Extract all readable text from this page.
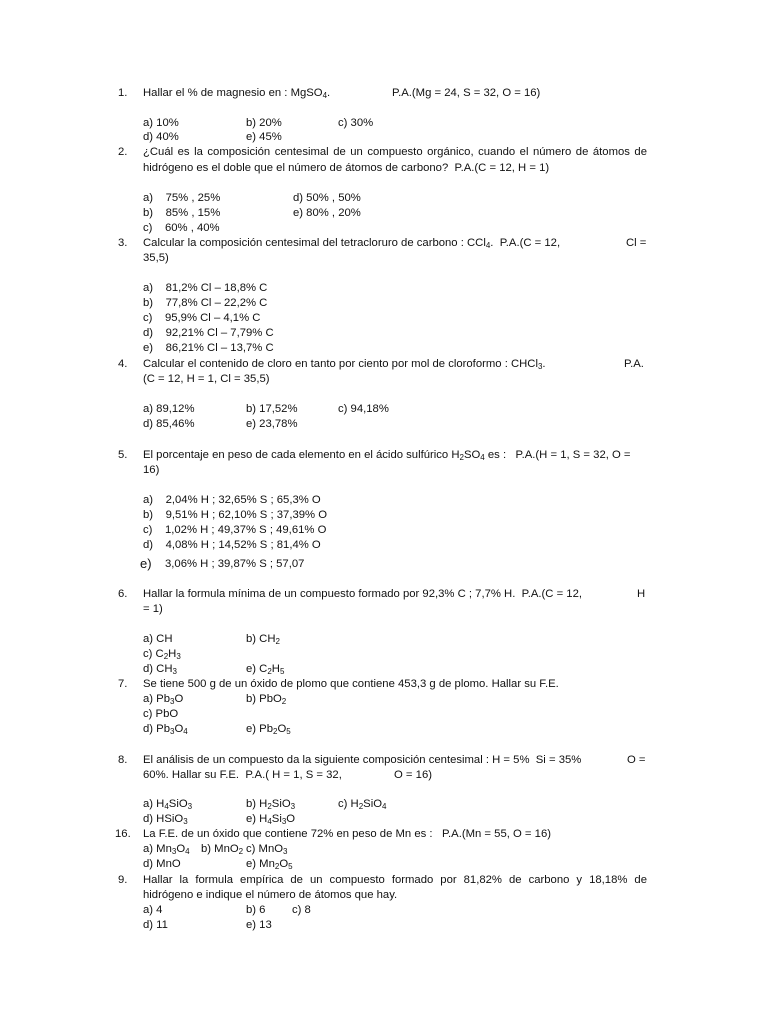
1. Hallar el % de magnesio en : MgSO$_4$.	P.A.(Mg = 24, S = 32, O = 16)
a) 10%	b) 20%	c) 30%
d) 40%	e) 45%
2. ¿Cuál es la composición centesimal de un compuesto orgánico, cuando el número de átomos de
hidrógeno es el doble que el número de átomos de carbono?  P.A.(C = 12, H = 1)
a)    75% , 25%	d) 50% , 50%
b)    85% , 15%	e) 80% , 20%
c)    60% , 40%
3. Calcular la composición centesimal del tetracloruro de carbono : CCl$_4$.  P.A.(C = 12,	Cl =
35,5)
a)    81,2% Cl – 18,8% C
b)    77,8% Cl – 22,2% C
c)    95,9% Cl – 4,1% C
d)    92,21% Cl – 7,79% C
e)    86,21% Cl – 13,7% C
4. Calcular el contenido de cloro en tanto por ciento por mol de cloroformo : CHCl$_3$.	P.A.
(C = 12, H = 1, Cl = 35,5)
a) 89,12%	b) 17,52%	c) 94,18%
d) 85,46%	e) 23,78%
5. El porcentaje en peso de cada elemento en el ácido sulfúrico $H_2SO_4$ es :   P.A.(H = 1, S = 32, O =
16)
a)    2,04% H ; 32,65% S ; 65,3% O
b)    9,51% H ; 62,10% S ; 37,39% O
c)    1,02% H ; 49,37% S ; 49,61% O
d)    4,08% H ; 14,52% S ; 81,4% O
e) 3,06% H ; 39,87% S ; 57,07
6. Hallar la formula mínima de un compuesto formado por 92,3% C ; 7,7% H.  P.A.(C = 12,	H
= 1)
a) CH	b) $CH_2$
c) $C_2H_3$
d) $CH_3$	e) $C_2H_5$
7. Se tiene 500 g de un óxido de plomo que contiene 453,3 g de plomo. Hallar su F.E.
a) $Pb_3O$	b) PbO$_2$
c) PbO
d) $Pb_3O_4$	e) $Pb_2O_5$
8. El análisis de un compuesto da la siguiente composición centesimal : H = 5%  Si = 35%	O =
60%. Hallar su F.E.  P.A.( H = 1, S = 32,	O = 16)
a) $H_4SiO_3$	b) $H_2SiO_3$	c) $H_2SiO_4$
d) HSiO$_3$	e) $H_4Si_3O$
16. La F.E. de un óxido que contiene 72% en peso de Mn es :   P.A.(Mn = 55, O = 16)
a) $Mn_3O_4$ b) MnO$_2$ c) MnO$_3$
d) MnO	e) $Mn_2O_5$
9. Hallar la formula empírica de un compuesto formado por 81,82% de carbono y 18,18% de
hidrógeno e indique el número de átomos que hay.
a) 4	b) 6 c) 8
d) 11	e) 13
